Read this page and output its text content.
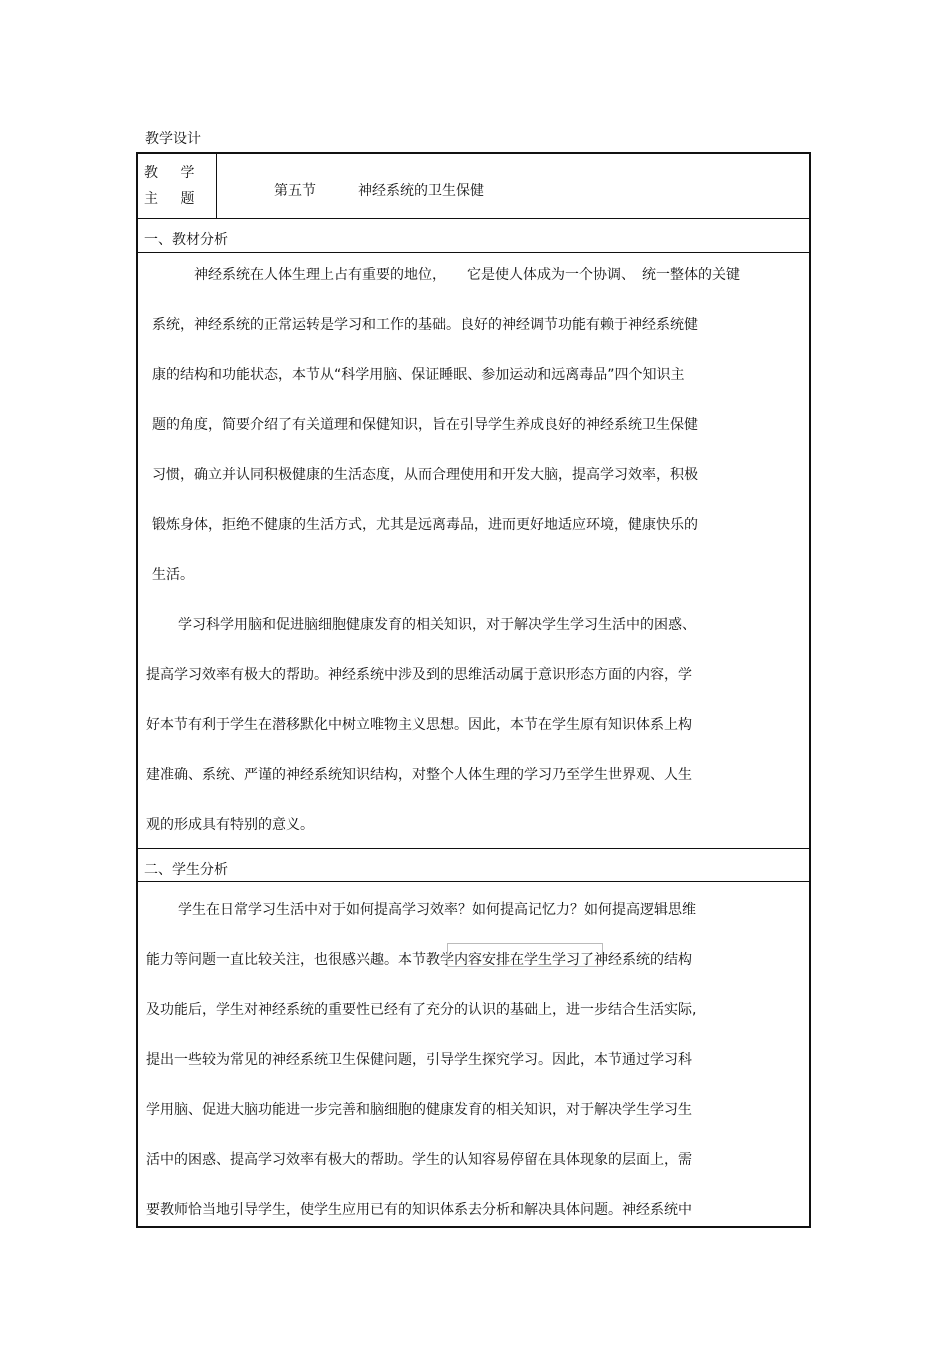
教学设计
教 学 主 题	第五节	神经系统的卫生保健
一、教材分析
神经系统在人体生理上占有重要的地位，　　它是使人体成为一个协调、　统一整体的关键
系统，神经系统的正常运转是学习和工作的基础。良好的神经调节功能有赖于神经系统健
康的结构和功能状态，本节从“科学用脑、保证睡眠、参加运动和远离毒品”四个知识主
题的角度，简要介绍了有关道理和保健知识，旨在引导学生养成良好的神经系统卫生保健
习惯，确立并认同积极健康的生活态度，从而合理使用和开发大脑，提高学习效率，积极
锻炼身体，拒绝不健康的生活方式，尤其是远离毒品，进而更好地适应环境，健康快乐的
生活。
学习科学用脑和促进脑细胞健康发育的相关知识，对于解决学生学习生活中的困惑、
提高学习效率有极大的帮助。神经系统中涉及到的思维活动属于意识形态方面的内容，学
好本节有利于学生在潜移默化中树立唯物主义思想。因此，本节在学生原有知识体系上构
建准确、系统、严谨的神经系统知识结构，对整个人体生理的学习乃至学生世界观、人生
观的形成具有特别的意义。
二、学生分析
学生在日常学习生活中对于如何提高学习效率？如何提高记忆力？如何提高逻辑思维
能力等问题一直比较关注，也很感兴趣。本节教学内容安排在学生学习了神经系统的结构
及功能后，学生对神经系统的重要性已经有了充分的认识的基础上，进一步结合生活实际,
提出一些较为常见的神经系统卫生保健问题，引导学生探究学习。因此，本节通过学习科
学用脑、促进大脑功能进一步完善和脑细胞的健康发育的相关知识，对于解决学生学习生
活中的困惑、提高学习效率有极大的帮助。学生的认知容易停留在具体现象的层面上，需
要教师恰当地引导学生，使学生应用已有的知识体系去分析和解决具体问题。神经系统中
